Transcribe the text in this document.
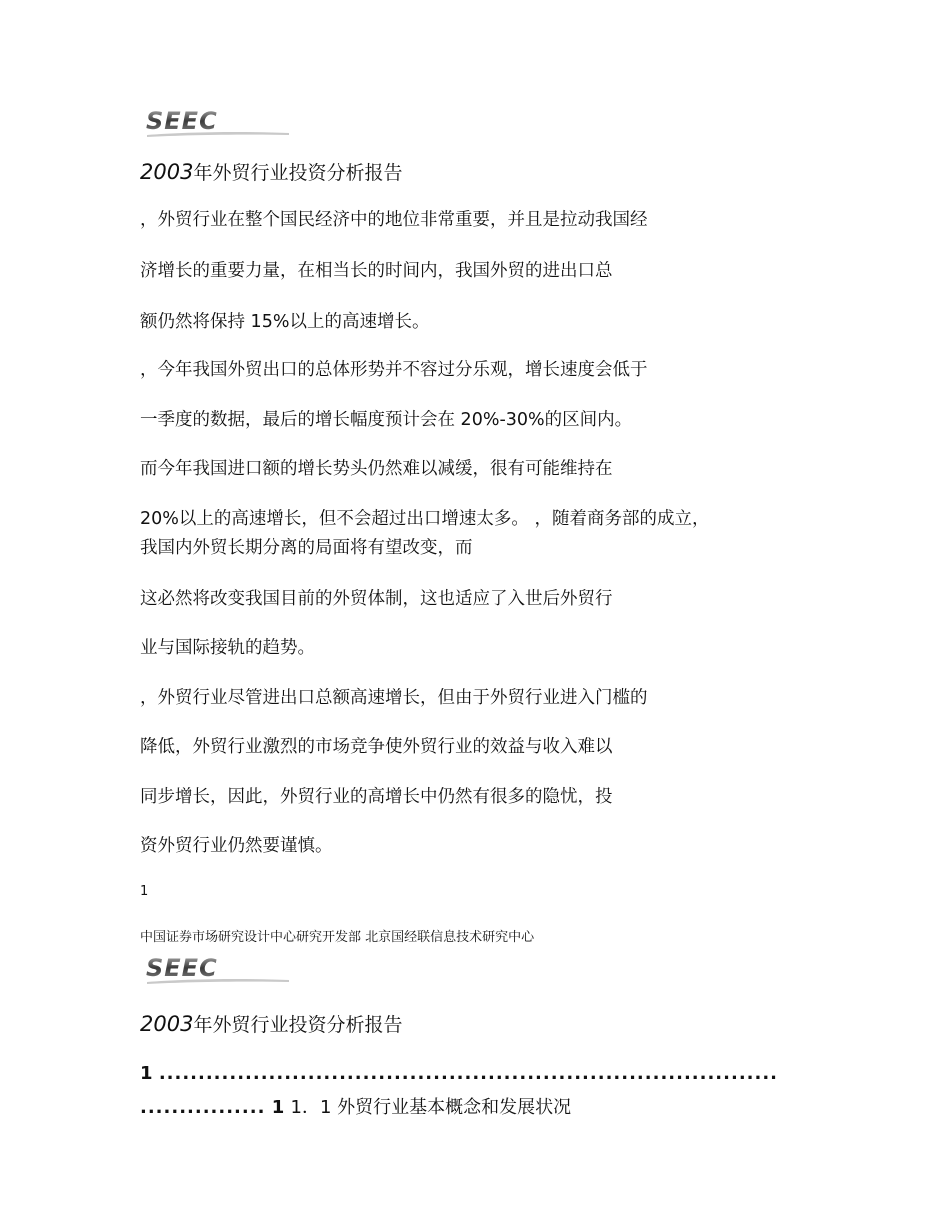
SEEC
2003年外贸行业投资分析报告
，外贸行业在整个国民经济中的地位非常重要，并且是拉动我国经
济增长的重要力量，在相当长的时间内，我国外贸的进出口总
额仍然将保持 15%以上的高速增长。
，今年我国外贸出口的总体形势并不容过分乐观，增长速度会低于
一季度的数据，最后的增长幅度预计会在 20%-30%的区间内。
而今年我国进口额的增长势头仍然难以减缓，很有可能维持在
20%以上的高速增长，但不会超过出口增速太多。 ，随着商务部的成立，
我国内外贸长期分离的局面将有望改变，而
这必然将改变我国目前的外贸体制，这也适应了入世后外贸行
业与国际接轨的趋势。
，外贸行业尽管进出口总额高速增长，但由于外贸行业进入门槛的
降低，外贸行业激烈的市场竞争使外贸行业的效益与收入难以
同步增长，因此，外贸行业的高增长中仍然有很多的隐忧，投
资外贸行业仍然要谨慎。
1
中国证券市场研究设计中心研究开发部 北京国经联信息技术研究中心
SEEC
2003年外贸行业投资分析报告
1 ...............................................................................
................ 1 1．1 外贸行业基本概念和发展状况
